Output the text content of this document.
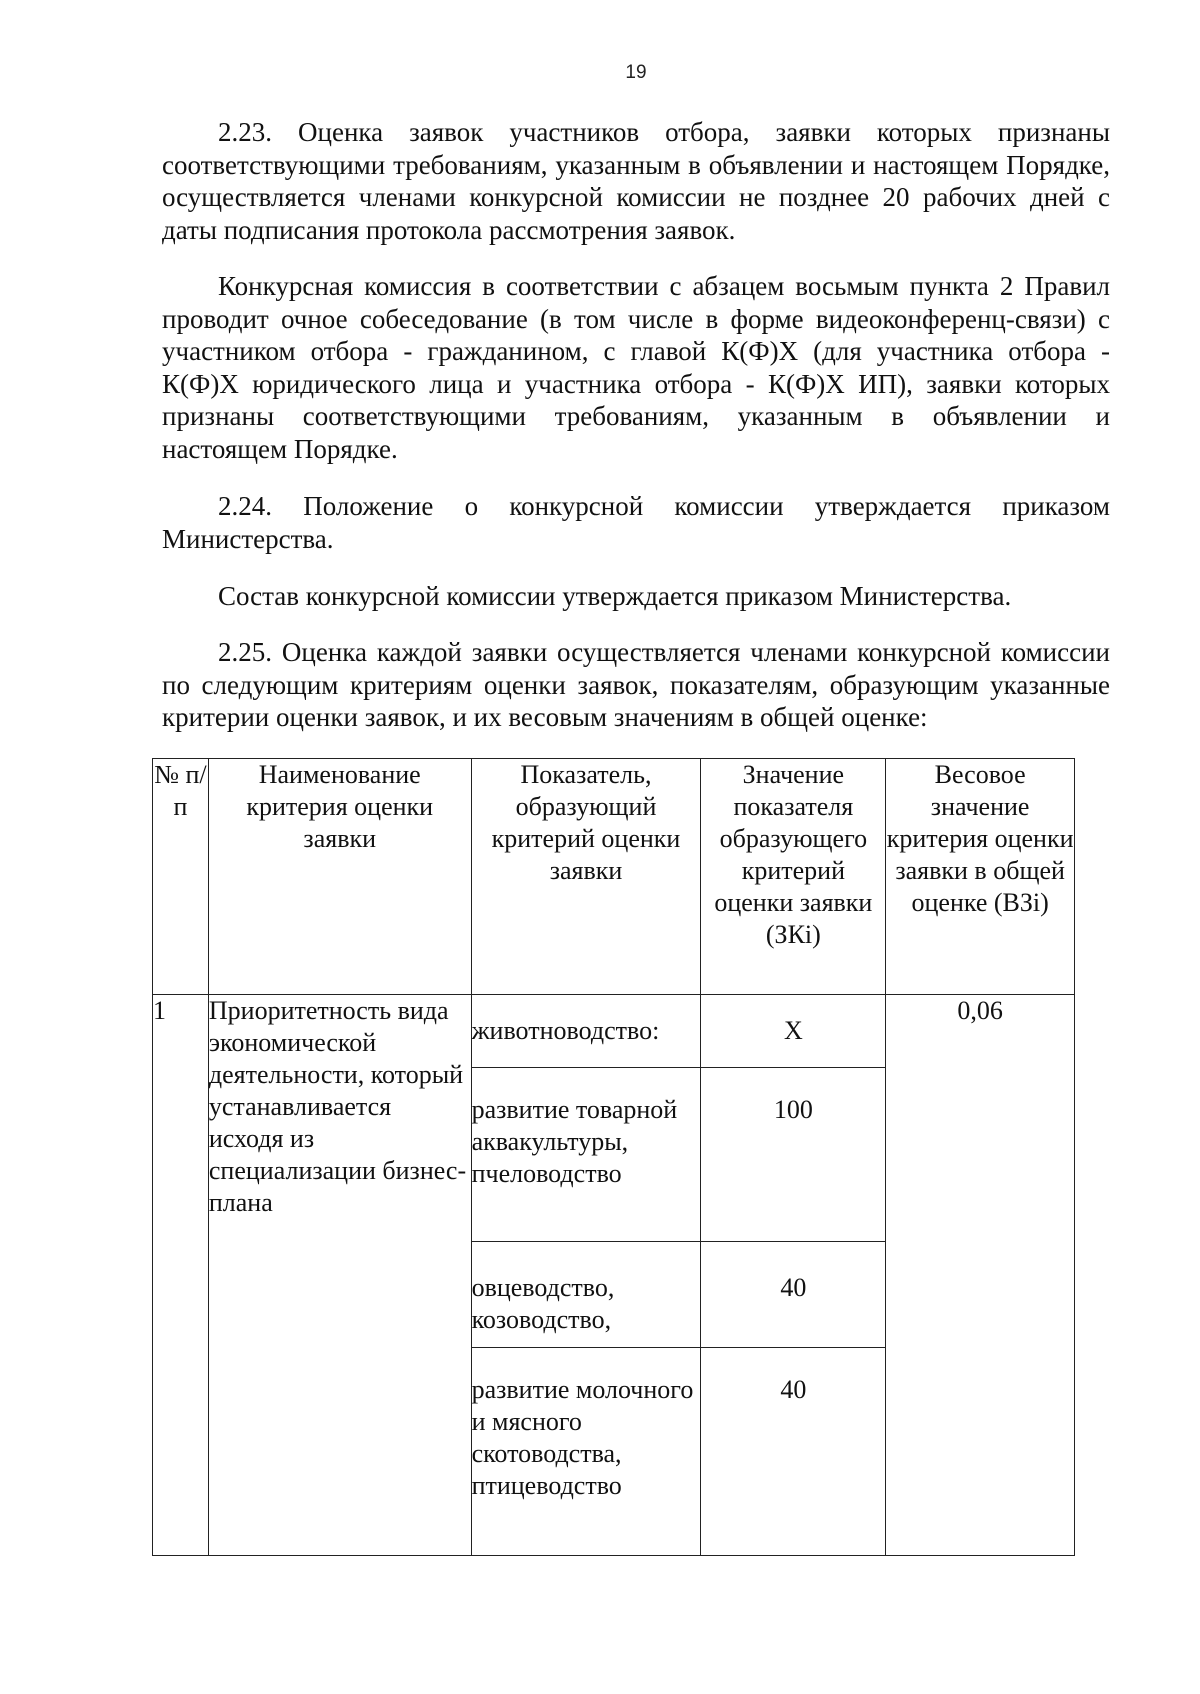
19

2.23. Оценка заявок участников отбора, заявки которых признаны соответствующими требованиям, указанным в объявлении и настоящем Порядке, осуществляется членами конкурсной комиссии не позднее 20 рабочих дней с даты подписания протокола рассмотрения заявок.

Конкурсная комиссия в соответствии с абзацем восьмым пункта 2 Правил проводит очное собеседование (в том числе в форме видеоконференц-связи) с участником отбора - гражданином, с главой К(Ф)Х (для участника отбора - К(Ф)Х юридического лица и участника отбора - К(Ф)Х ИП), заявки которых признаны соответствующими требованиям, указанным в объявлении и настоящем Порядке.

2.24. Положение о конкурсной комиссии утверждается приказом Министерства.

Состав конкурсной комиссии утверждается приказом Министерства.

2.25. Оценка каждой заявки осуществляется членами конкурсной комиссии по следующим критериям оценки заявок, показателям, образующим указанные критерии оценки заявок, и их весовым значениям в общей оценке:

№ п/п	Наименование критерия оценки заявки	Показатель, образующий критерий оценки заявки	Значение показателя образующего критерий оценки заявки (ЗКi)	Весовое значение критерия оценки заявки в общей оценке (ВЗi)

1	Приоритетность вида экономической деятельности, который устанавливается исходя из специализации бизнес-плана	животноводство:	Х	0,06
		развитие товарной аквакультуры, пчеловодство	100	
		овцеводство, козоводство,	40	
		развитие молочного и мясного скотоводства, птицеводство	40	
